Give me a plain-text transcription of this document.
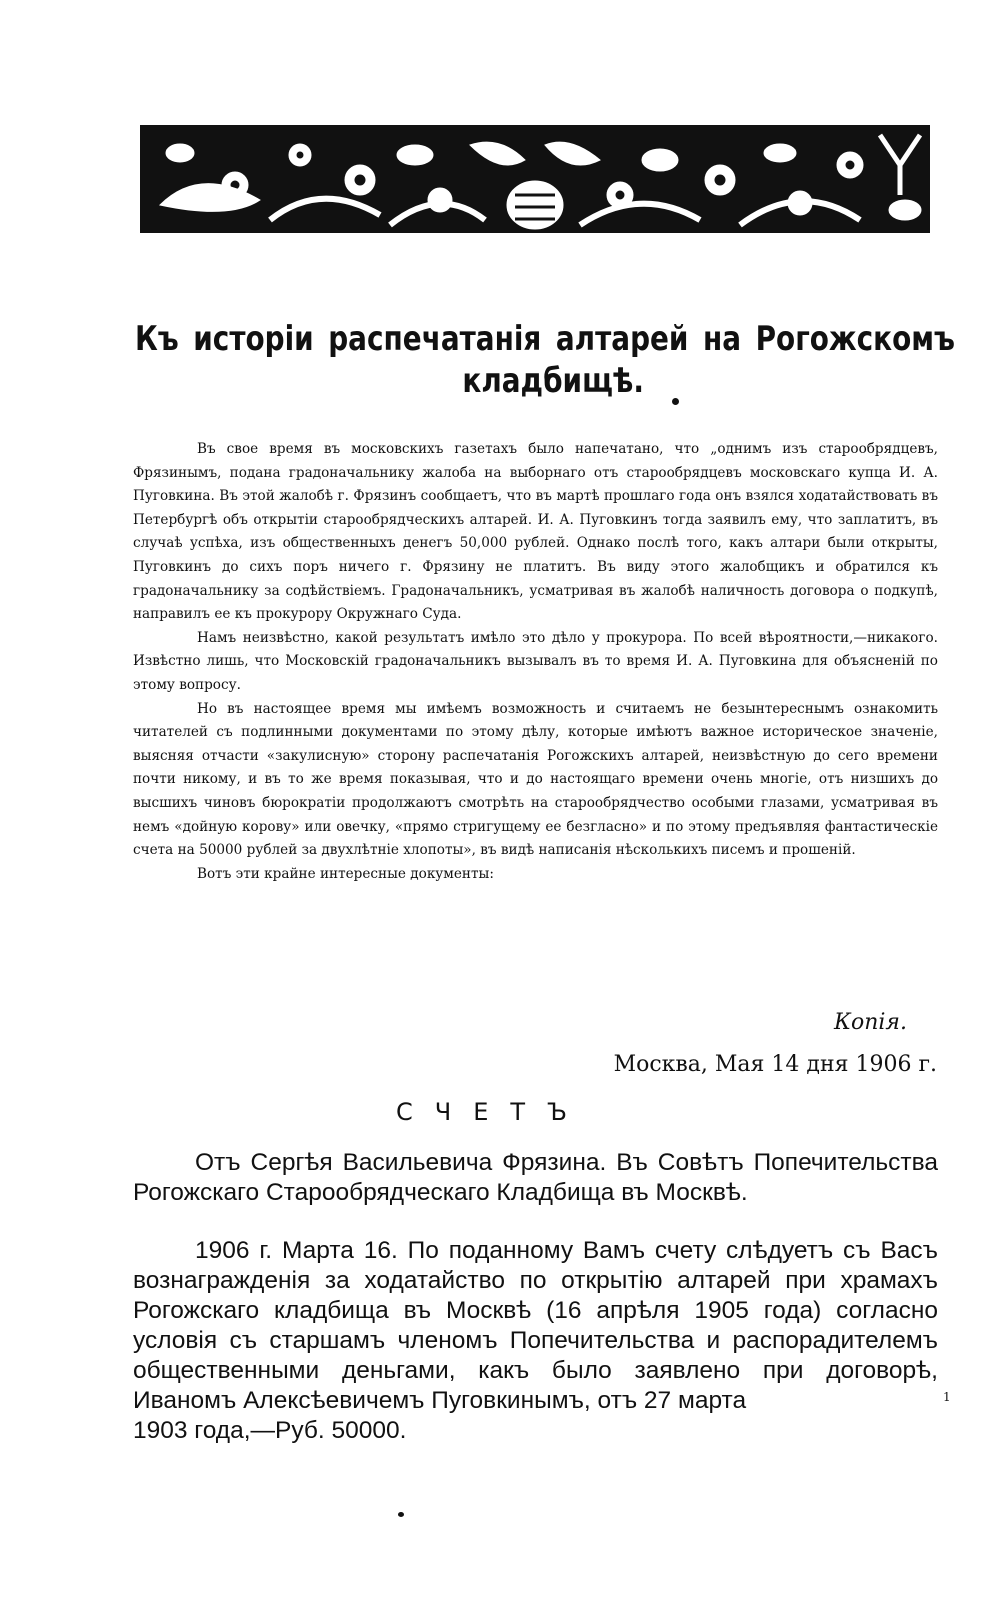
Къ исторіи распечатанія алтарей на Рогожскомъ
кладбищѣ.

Въ свое время въ московскихъ газетахъ было напечатано, что „однимъ изъ старообрядцевъ, Фрязинымъ, подана градоначальнику жалоба на выборнаго отъ старообрядцевъ московскаго купца И. А. Пуговкина. Въ этой жалобѣ г. Фрязинъ сообщаетъ, что въ мартѣ прошлаго года онъ взялся ходатайствовать въ Петербургѣ объ открытіи старообрядческихъ алтарей. И. А. Пуговкинъ тогда заявилъ ему, что заплатитъ, въ случаѣ успѣха, изъ общественныхъ денегъ 50,000 рублей. Однако послѣ того, какъ алтари были открыты, Пуговкинъ до сихъ поръ ничего г. Фрязину не платитъ. Въ виду этого жалобщикъ и обратился къ градоначальнику за содѣйствіемъ. Градоначальникъ, усматривая въ жалобѣ наличность договора о подкупѣ, направилъ ее къ прокурору Окружнаго Суда.

Намъ неизвѣстно, какой результатъ имѣло это дѣло у прокурора. По всей вѣроятности,—никакого. Извѣстно лишь, что Московскій градоначальникъ вызывалъ въ то время И. А. Пуговкина для объясненій по этому вопросу.

Но въ настоящее время мы имѣемъ возможность и считаемъ не безынтереснымъ ознакомить читателей съ подлинными документами по этому дѣлу, которые имѣютъ важное историческое значеніе, выясняя отчасти «закулисную» сторону распечатанія Рогожскихъ алтарей, неизвѣстную до сего времени почти никому, и въ то же время показывая, что и до настоящаго времени очень многіе, отъ низшихъ до высшихъ чиновъ бюрократіи продолжаютъ смотрѣть на старообрядчество особыми глазами, усматривая въ немъ «дойную корову» или овечку, «прямо стригущему ее безгласно» и по этому предъявляя фантастическіе счета на 50000 рублей за двухлѣтніе хлопоты», въ видѣ написанія нѣсколькихъ писемъ и прошеній.

Вотъ эти крайне интересные документы:

Копія.
Москва, Мая 14 дня 1906 г.
СЧЕТЪ

Отъ Сергѣя Васильевича Фрязина. Въ Совѣтъ Попечительства Рогожскаго Старообрядческаго Кладбища въ Москвѣ.

1906 г. Марта 16. По поданному Вамъ счету слѣдуетъ съ Васъ вознагражденія за ходатайство по открытію алтарей при храмахъ Рогожскаго кладбища въ Москвѣ (16 апрѣля 1905 года) согласно условія съ старшамъ членомъ Попечительства и распорадителемъ общественными деньгами, какъ было заявлено при договорѣ, Иваномъ Алексѣевичемъ Пуговкинымъ, отъ 27 марта

1903 года,—Руб. 50000.

1
